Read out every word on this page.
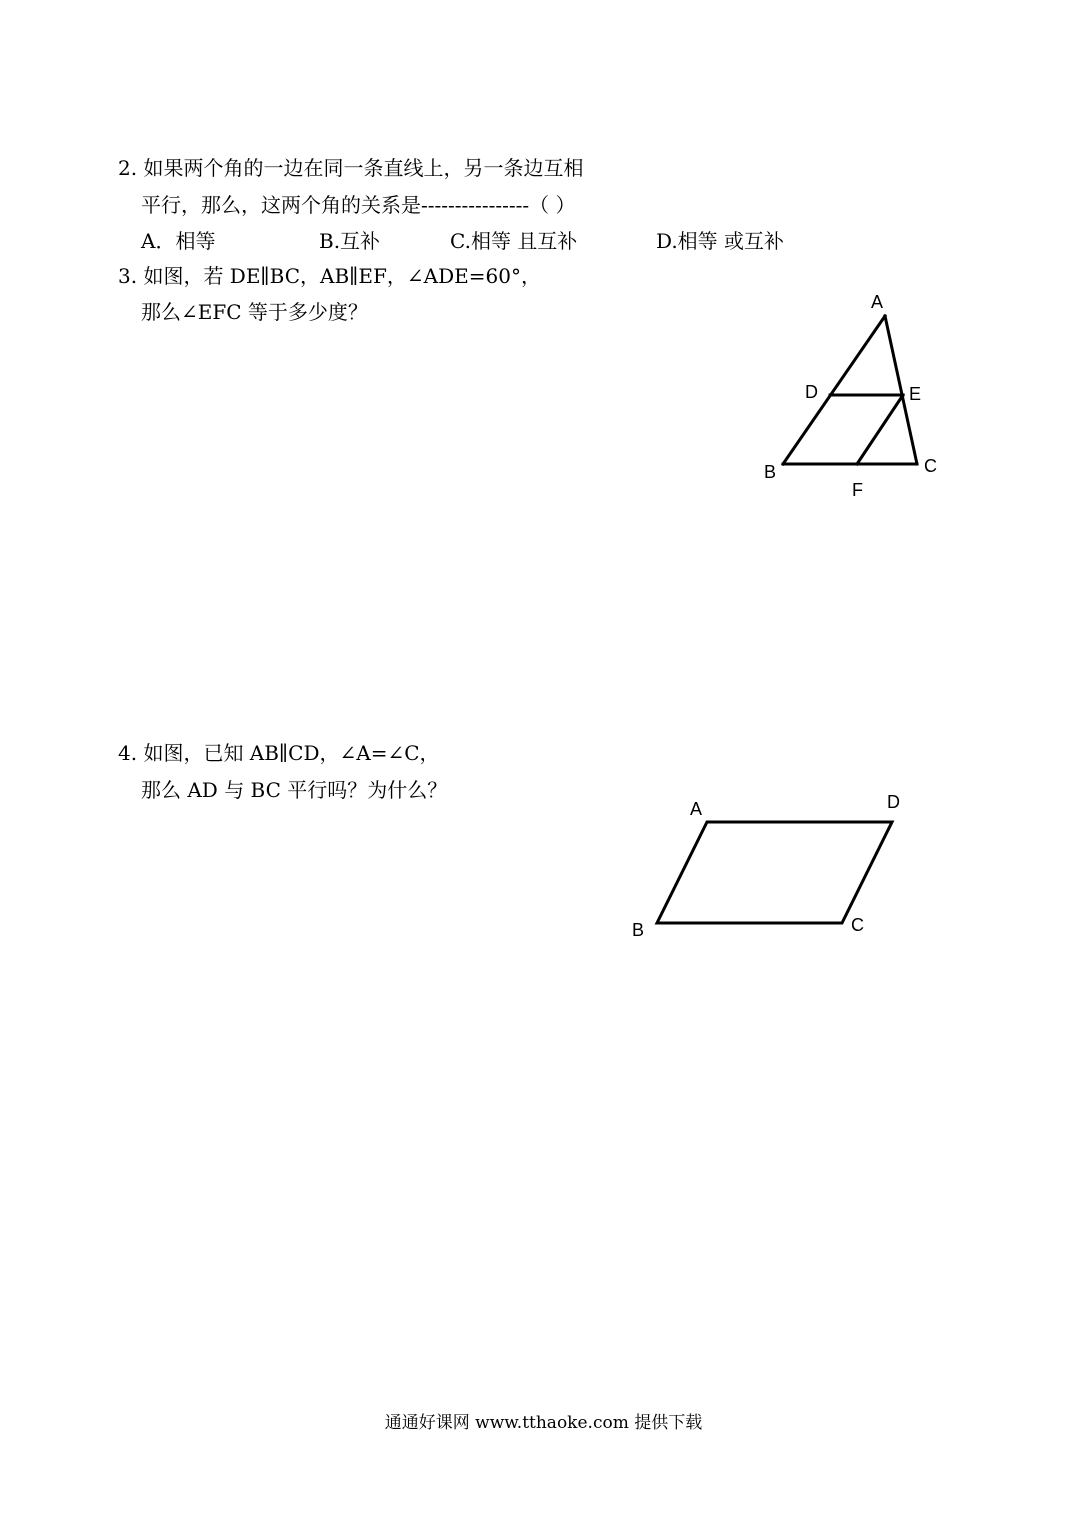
2. 如果两个角的一边在同一条直线上，另一条边互相
平行，那么，这两个角的关系是----------------（ ）
A．相等	B.互补	C.相等 且互补	D.相等 或互补
3. 如图，若 DE∥BC，AB∥EF，∠ADE=60°，
那么∠EFC 等于多少度？	A
D	E
B	C
F
4. 如图，已知 AB∥CD，∠A=∠C，
那么 AD 与 BC 平行吗？为什么？
A	D
B	C
通通好课网 www.tthaoke.com 提供下载
